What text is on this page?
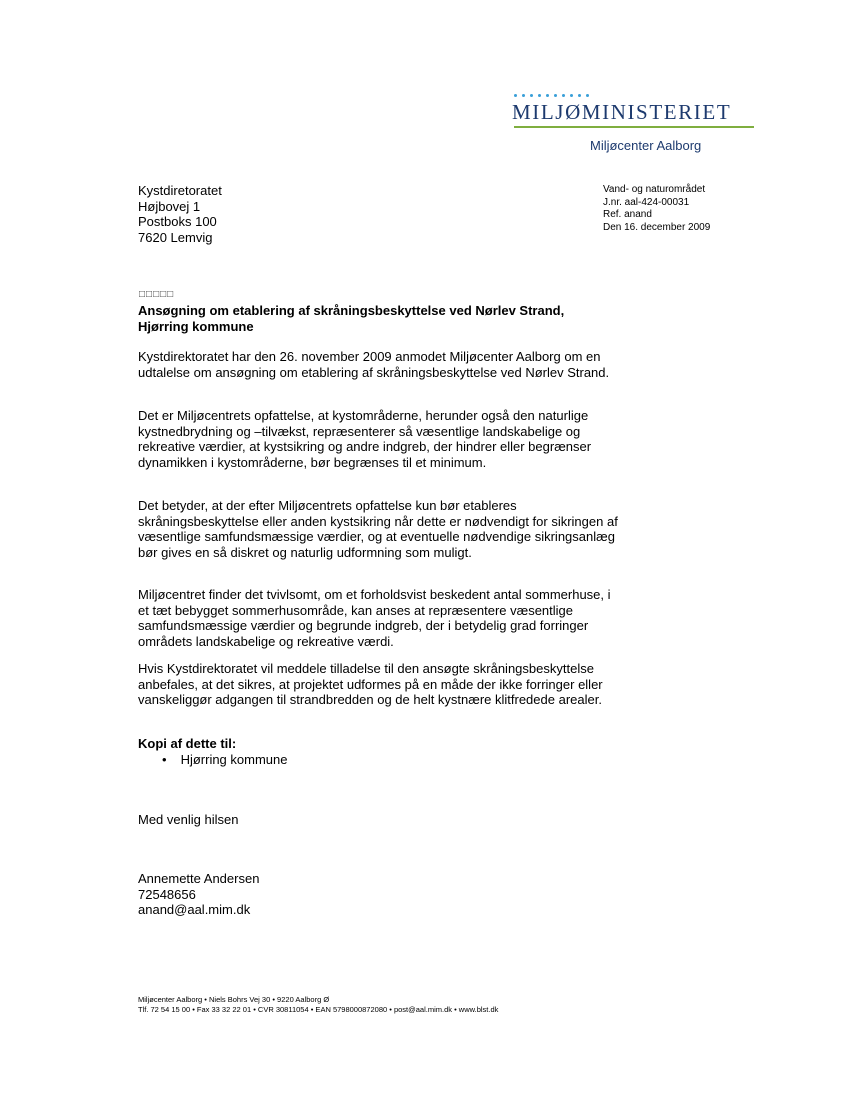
MILJØMINISTERIET
Miljøcenter Aalborg
Kystdiretoratet
Højbovej 1
Postboks 100
7620 Lemvig
Vand- og naturområdet
J.nr. aal-424-00031
Ref. anand
Den 16. december 2009
□□□□□
Ansøgning om etablering af skråningsbeskyttelse ved Nørlev Strand, Hjørring kommune
Kystdirektoratet har den 26. november 2009 anmodet Miljøcenter Aalborg om en udtalelse om ansøgning om etablering af skråningsbeskyttelse ved Nørlev Strand.
Det er Miljøcentrets opfattelse, at kystområderne, herunder også den naturlige kystnedbrydning og –tilvækst, repræsenterer så væsentlige landskabelige og rekreative værdier, at kystsikring og andre indgreb, der hindrer eller begrænser dynamikken i kystområderne, bør begrænses til et minimum.
Det betyder, at der efter Miljøcentrets opfattelse kun bør etableres skråningsbeskyttelse eller anden kystsikring når dette er nødvendigt for sikringen af væsentlige samfundsmæssige værdier, og at eventuelle nødvendige sikringsanlæg bør gives en så diskret og naturlig udformning som muligt.
Miljøcentret finder det tvivlsomt, om et forholdsvist beskedent antal sommerhuse, i et tæt bebygget sommerhusområde, kan anses at repræsentere væsentlige samfundsmæssige værdier og begrunde indgreb, der i betydelig grad forringer områdets landskabelige og rekreative værdi.
Hvis Kystdirektoratet vil meddele tilladelse til den ansøgte skråningsbeskyttelse anbefales, at det sikres, at projektet udformes på en måde der ikke forringer eller vanskeliggør adgangen til strandbredden og de helt kystnære klitfredede arealer.
Kopi af dette til:
• Hjørring kommune
Med venlig hilsen
Annemette Andersen
72548656
anand@aal.mim.dk
Miljøcenter Aalborg • Niels Bohrs Vej 30 • 9220 Aalborg Ø
Tlf. 72 54 15 00 • Fax 33 32 22 01 • CVR 30811054 • EAN 5798000872080 • post@aal.mim.dk • www.blst.dk
